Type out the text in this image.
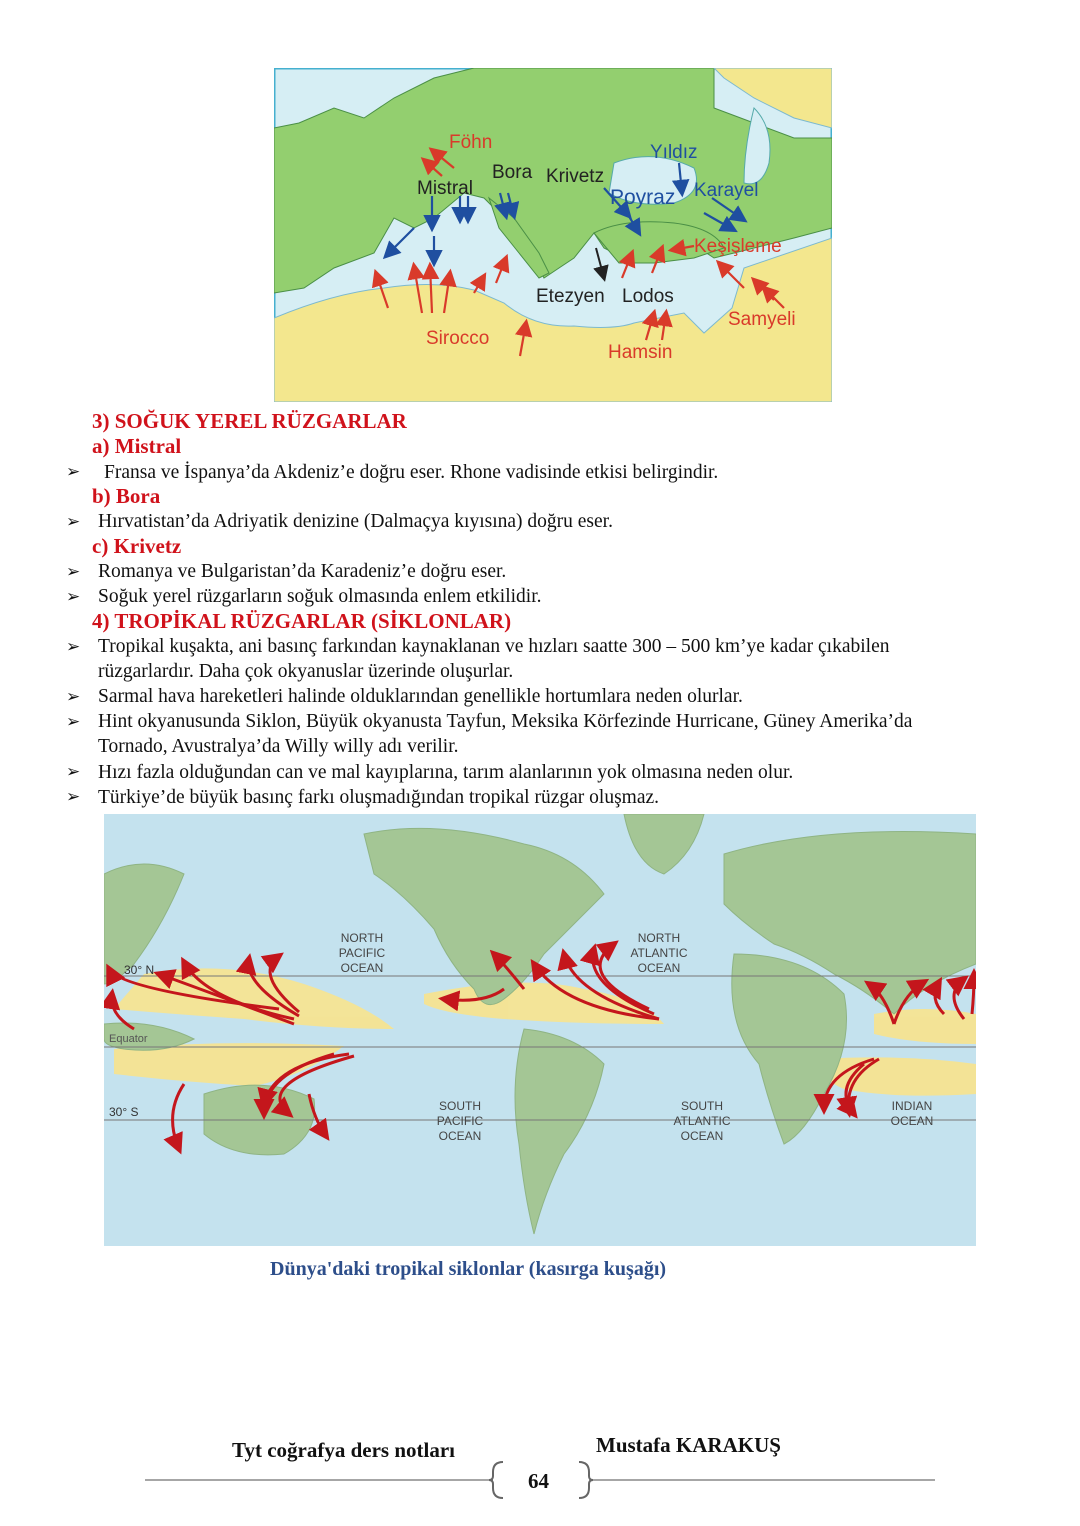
Föhn	Yıldız
Bora Krivetz
Mistral	Poyraz Karayel
Keşişleme
Etezyen Lodos
Samyeli
Sirocco
Hamsin
3) SOĞUK YEREL RÜZGARLAR
a) Mistral
➢ Fransa ve İspanya’da Akdeniz’e doğru eser. Rhone vadisinde etkisi belirgindir.
b) Bora
➢ Hırvatistan’da Adriyatik denizine (Dalmaçya kıyısına) doğru eser.
c) Krivetz
➢ Romanya ve Bulgaristan’da Karadeniz’e doğru eser.
➢ Soğuk yerel rüzgarların soğuk olmasında enlem etkilidir.
4) TROPİKAL RÜZGARLAR (SİKLONLAR)
➢ Tropikal kuşakta, ani basınç farkından kaynaklanan ve hızları saatte 300 – 500 km’ye kadar çıkabilen
rüzgarlardır. Daha çok okyanuslar üzerinde oluşurlar.
➢ Sarmal hava hareketleri halinde olduklarından genellikle hortumlara neden olurlar.
➢ Hint okyanusunda Siklon, Büyük okyanusta Tayfun, Meksika Körfezinde Hurricane, Güney Amerika’da
Tornado, Avustralya’da Willy willy adı verilir.
➢ Hızı fazla olduğundan can ve mal kayıplarına, tarım alanlarının yok olmasına neden olur.
➢ Türkiye’de büyük basınç farkı oluşmadığından tropikal rüzgar oluşmaz.
30° N
Equator
30° S
NORTH
PACIFIC
OCEAN
NORTH
ATLANTIC
OCEAN
SOUTH
PACIFIC
OCEAN
SOUTH
ATLANTIC
OCEAN
INDIAN
OCEAN
Dünya'daki tropikal siklonlar (kasırga kuşağı)
Tyt coğrafya ders notları	Mustafa KARAKUŞ
64
